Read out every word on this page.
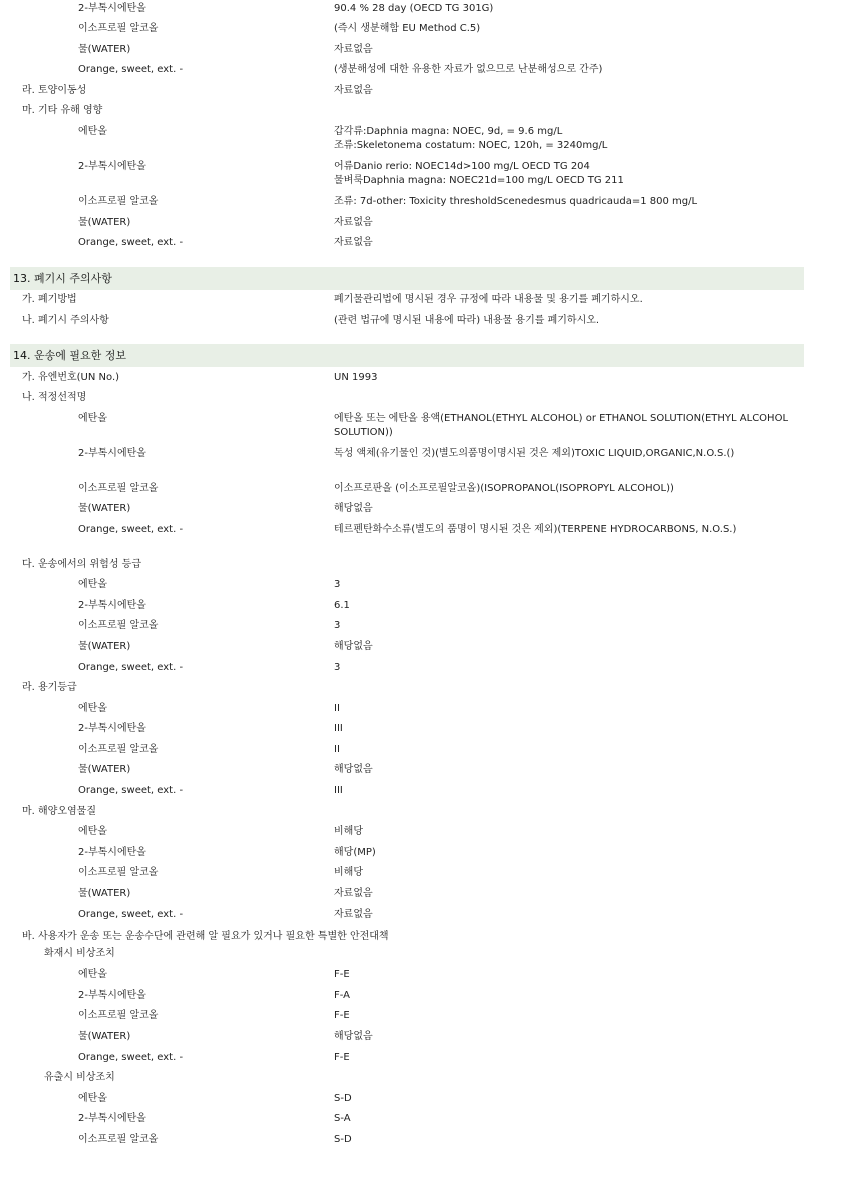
2-부톡시에탄올	90.4 % 28 day (OECD TG 301G)
이소프로필 알코올	(즉시 생분해함 EU Method C.5)
물(WATER)	자료없음
Orange, sweet, ext. -	(생분해성에 대한 유용한 자료가 없으므로 난분해성으로 간주)
라. 토양이동성	자료없음
마. 기타 유해 영향
에탄올	갑각류:Daphnia magna: NOEC, 9d, = 9.6 mg/L
조류:Skeletonema costatum: NOEC, 120h, = 3240mg/L
2-부톡시에탄올	어류Danio rerio: NOEC14d>100 mg/L OECD TG 204
물벼룩Daphnia magna: NOEC21d=100 mg/L OECD TG 211
이소프로필 알코올	조류: 7d-other: Toxicity thresholdScenedesmus quadricauda=1 800 mg/L
물(WATER)	자료없음
Orange, sweet, ext. -	자료없음
13. 폐기시 주의사항
가. 폐기방법	폐기물관리법에 명시된 경우 규정에 따라 내용물 및 용기를 폐기하시오.
나. 폐기시 주의사항	(관련 법규에 명시된 내용에 따라) 내용물 용기를 폐기하시오.
14. 운송에 필요한 정보
가. 유엔번호(UN No.)	UN 1993
나. 적정선적명
에탄올	에탄올 또는 에탄올 용액(ETHANOL(ETHYL ALCOHOL) or ETHANOL SOLUTION(ETHYL ALCOHOL SOLUTION))
2-부톡시에탄올	독성 액체(유기물인 것)(별도의품명이명시된 것은 제외)TOXIC LIQUID,ORGANIC,N.O.S.()
이소프로필 알코올	이소프로판올 (이소프로필알코올)(ISOPROPANOL(ISOPROPYL ALCOHOL))
물(WATER)	해당없음
Orange, sweet, ext. -	테르펜탄화수소류(별도의 품명이 명시된 것은 제외)(TERPENE HYDROCARBONS, N.O.S.)
다. 운송에서의 위험성 등급
에탄올	3
2-부톡시에탄올	6.1
이소프로필 알코올	3
물(WATER)	해당없음
Orange, sweet, ext. -	3
라. 용기등급
에탄올	II
2-부톡시에탄올	III
이소프로필 알코올	II
물(WATER)	해당없음
Orange, sweet, ext. -	III
마. 해양오염물질
에탄올	비해당
2-부톡시에탄올	해당(MP)
이소프로필 알코올	비해당
물(WATER)	자료없음
Orange, sweet, ext. -	자료없음
바. 사용자가 운송 또는 운송수단에 관련해 알 필요가 있거나 필요한 특별한 안전대책
화재시 비상조치
에탄올	F-E
2-부톡시에탄올	F-A
이소프로필 알코올	F-E
물(WATER)	해당없음
Orange, sweet, ext. -	F-E
유출시 비상조치
에탄올	S-D
2-부톡시에탄올	S-A
이소프로필 알코올	S-D
